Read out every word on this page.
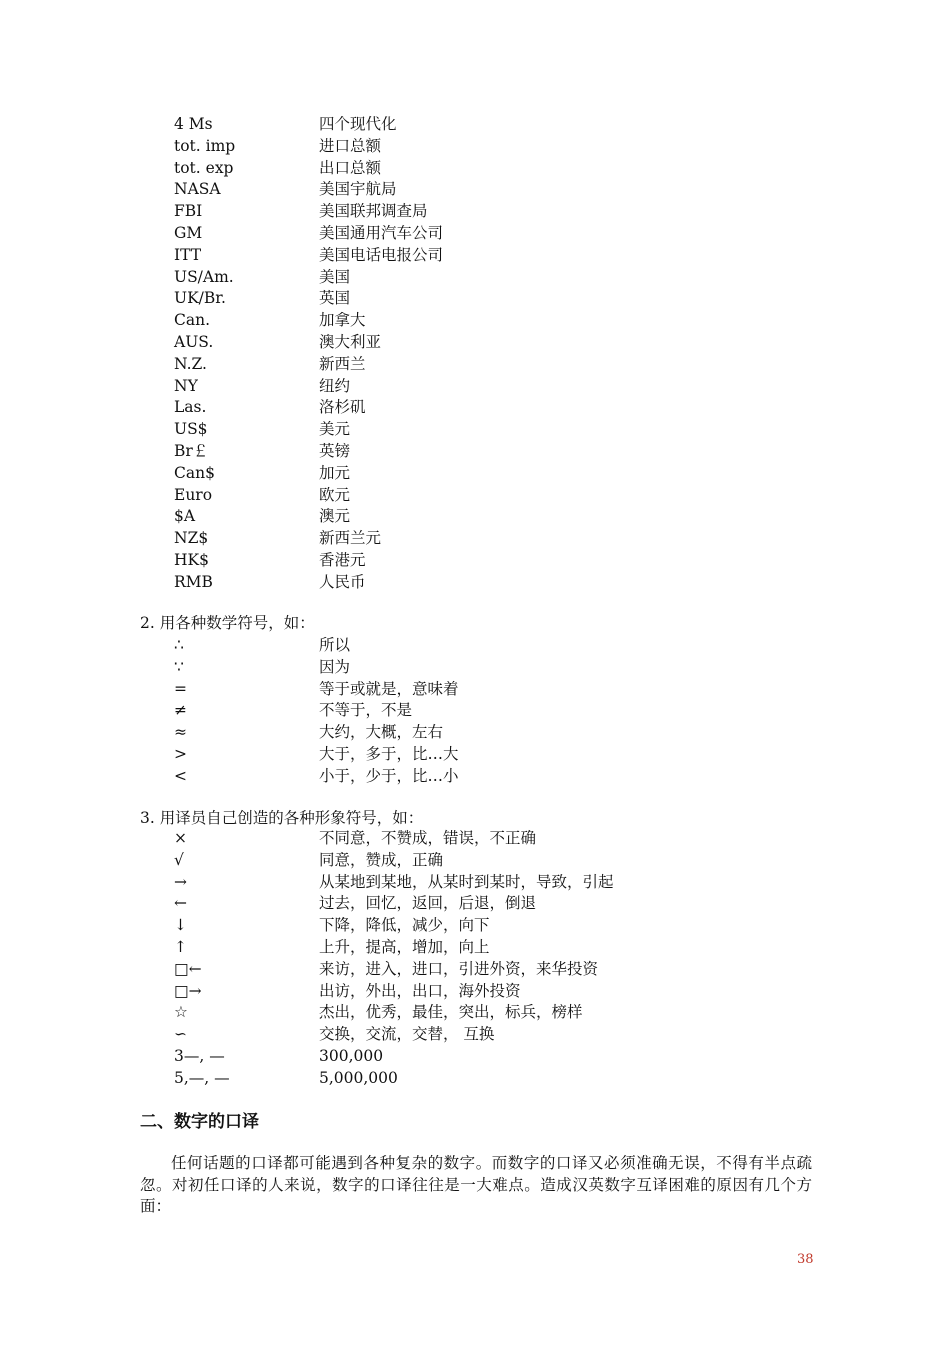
4 Ms	四个现代化
tot. imp	进口总额
tot. exp	出口总额
NASA	美国宇航局
FBI	美国联邦调查局
GM	美国通用汽车公司
ITT	美国电话电报公司
US/Am.	美国
UK/Br.	英国
Can.	加拿大
AUS.	澳大利亚
N.Z.	新西兰
NY	纽约
Las.	洛杉矶
US$	美元
Br￡	英镑
Can$	加元
Euro	欧元
$A	澳元
NZ$	新西兰元
HK$	香港元
RMB	人民币
2. 用各种数学符号，如：
∴	所以
∵	因为
=	等于或就是，意味着
≠	不等于，不是
≈	大约，大概，左右
>	大于，多于，比…大
<	小于，少于，比…小
3. 用译员自己创造的各种形象符号，如：
×	不同意，不赞成，错误，不正确
√	同意，赞成，正确
→	从某地到某地，从某时到某时，导致，引起
←	过去，回忆，返回，后退，倒退
↓	下降，降低，减少，向下
↑	上升，提高，增加，向上
□←	来访，进入，进口，引进外资，来华投资
□→	出访，外出，出口，海外投资
☆	杰出，优秀，最佳，突出，标兵，榜样
∽	交换，交流，交替， 互换
3—, —	300,000
5,—, —	5,000,000
二、数字的口译
任何话题的口译都可能遇到各种复杂的数字。而数字的口译又必须准确无误，不得有半点疏忽。对初任口译的人来说，数字的口译往往是一大难点。造成汉英数字互译困难的原因有几个方面：
38
